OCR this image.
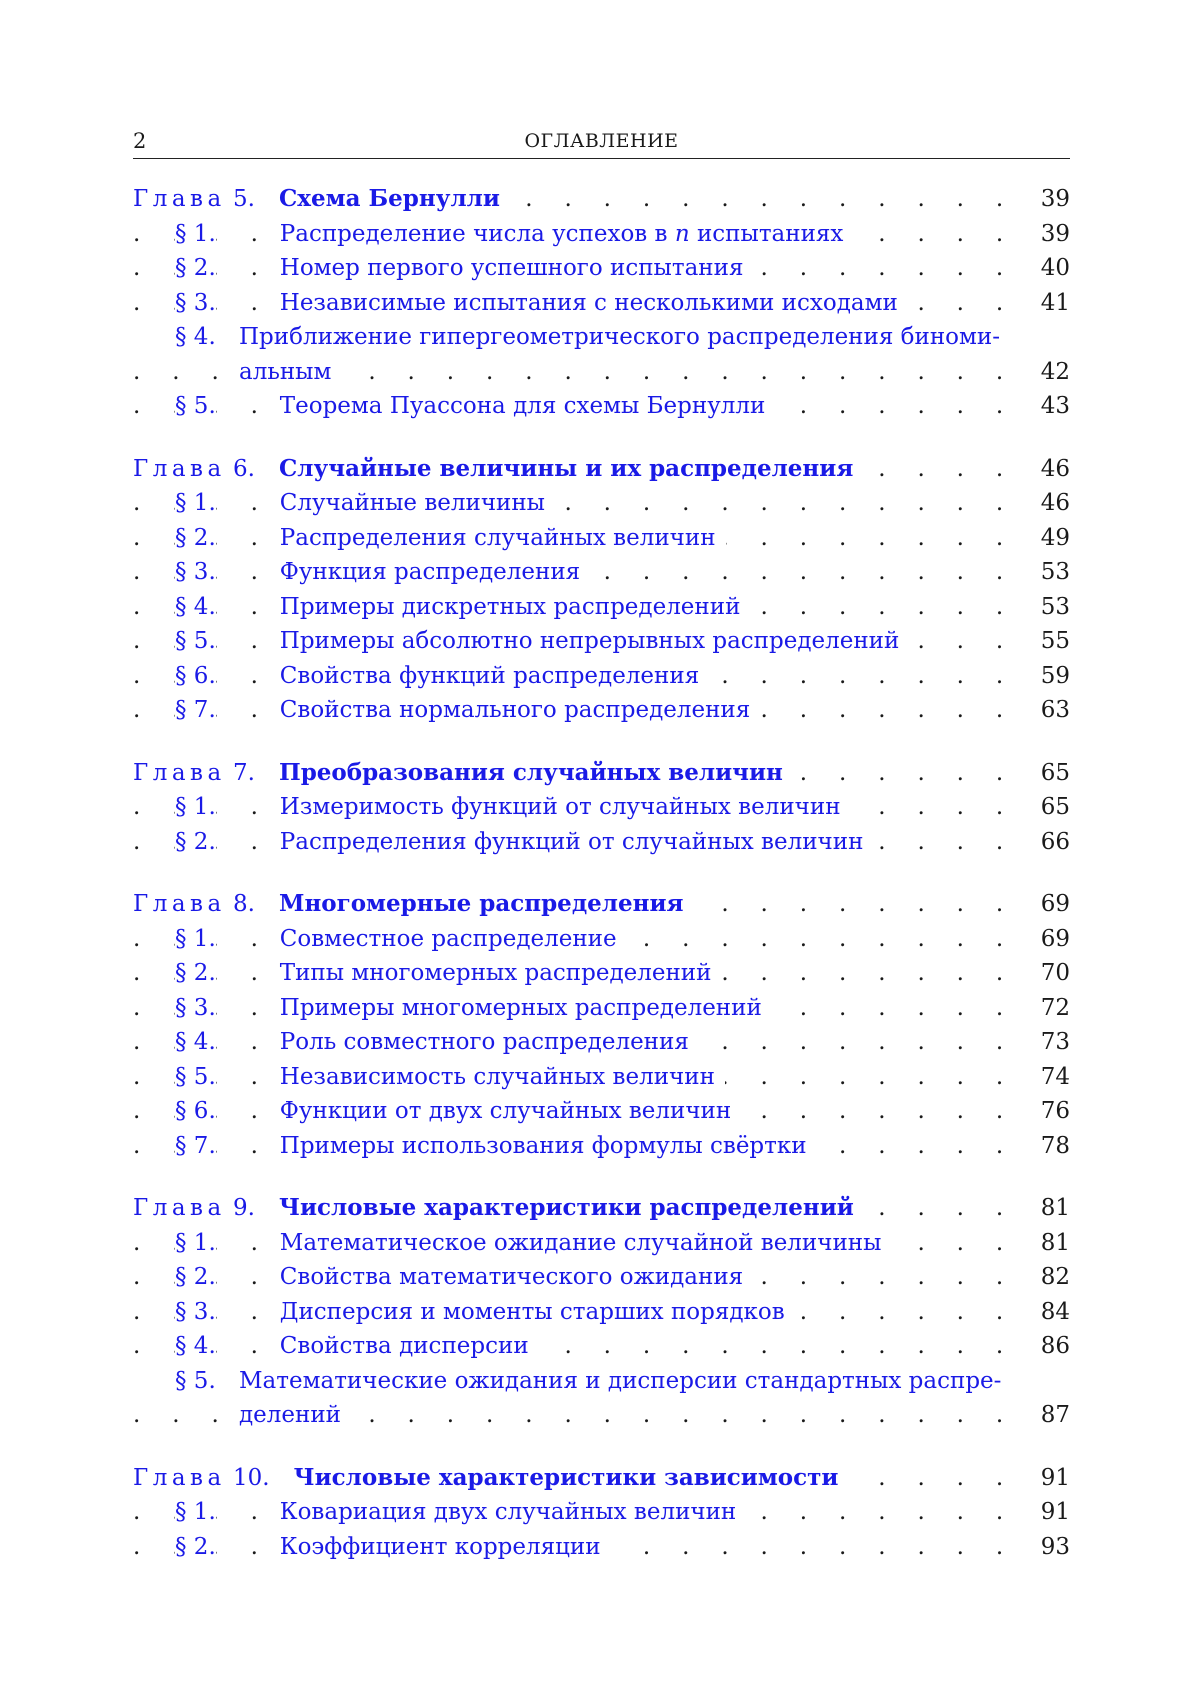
2	ОГЛАВЛЕНИЕ
. . .
Глава 5. Схема Бернулли	39
. . .
§ 1.	Распределение числа успехов в n испытаниях	39
. . .
§ 2.	Номер первого успешного испытания	40
. . .
§ 3.	Независимые испытания с несколькими исходами	41
§ 4. Приближение гипергеометрического распределения биноми-
. . .
альным	42
. . .
§ 5.	Теорема Пуассона для схемы Бернулли	43
. . .
Глава 6. Случайные величины и их распределения	46
. . .
§ 1.	Случайные величины	46
. . .
§ 2.	Распределения случайных величин	49
. . .
§ 3.	Функция распределения	53
. . .
§ 4.	Примеры дискретных распределений	53
. . .
§ 5.	Примеры абсолютно непрерывных распределений	55
. . .
§ 6.	Свойства функций распределения	59
. . .
§ 7.	Свойства нормального распределения	63
. . .
Глава 7. Преобразования случайных величин	65
. . .
§ 1.	Измеримость функций от случайных величин	65
. . .
§ 2.	Распределения функций от случайных величин	66
. . .
Глава 8. Многомерные распределения	69
. . .
§ 1.	Совместное распределение	69
. . .
§ 2.	Типы многомерных распределений	70
. . .
§ 3.	Примеры многомерных распределений	72
. . .
§ 4.	Роль совместного распределения	73
. . .
§ 5.	Независимость случайных величин	74
. . .
§ 6.	Функции от двух случайных величин	76
. . .
§ 7.	Примеры использования формулы свёртки	78
. . .
Глава 9. Числовые характеристики распределений	81
. . .
§ 1.	Математическое ожидание случайной величины	81
. . .
§ 2.	Свойства математического ожидания	82
. . .
§ 3.	Дисперсия и моменты старших порядков	84
. . .
§ 4.	Свойства дисперсии	86
§ 5. Математические ожидания и дисперсии стандартных распре-
. . .
делений	87
. . .
Глава 10. Числовые характеристики зависимости	91
. . .
§ 1.	Ковариация двух случайных величин	91
. . .
§ 2.	Коэффициент корреляции	93
